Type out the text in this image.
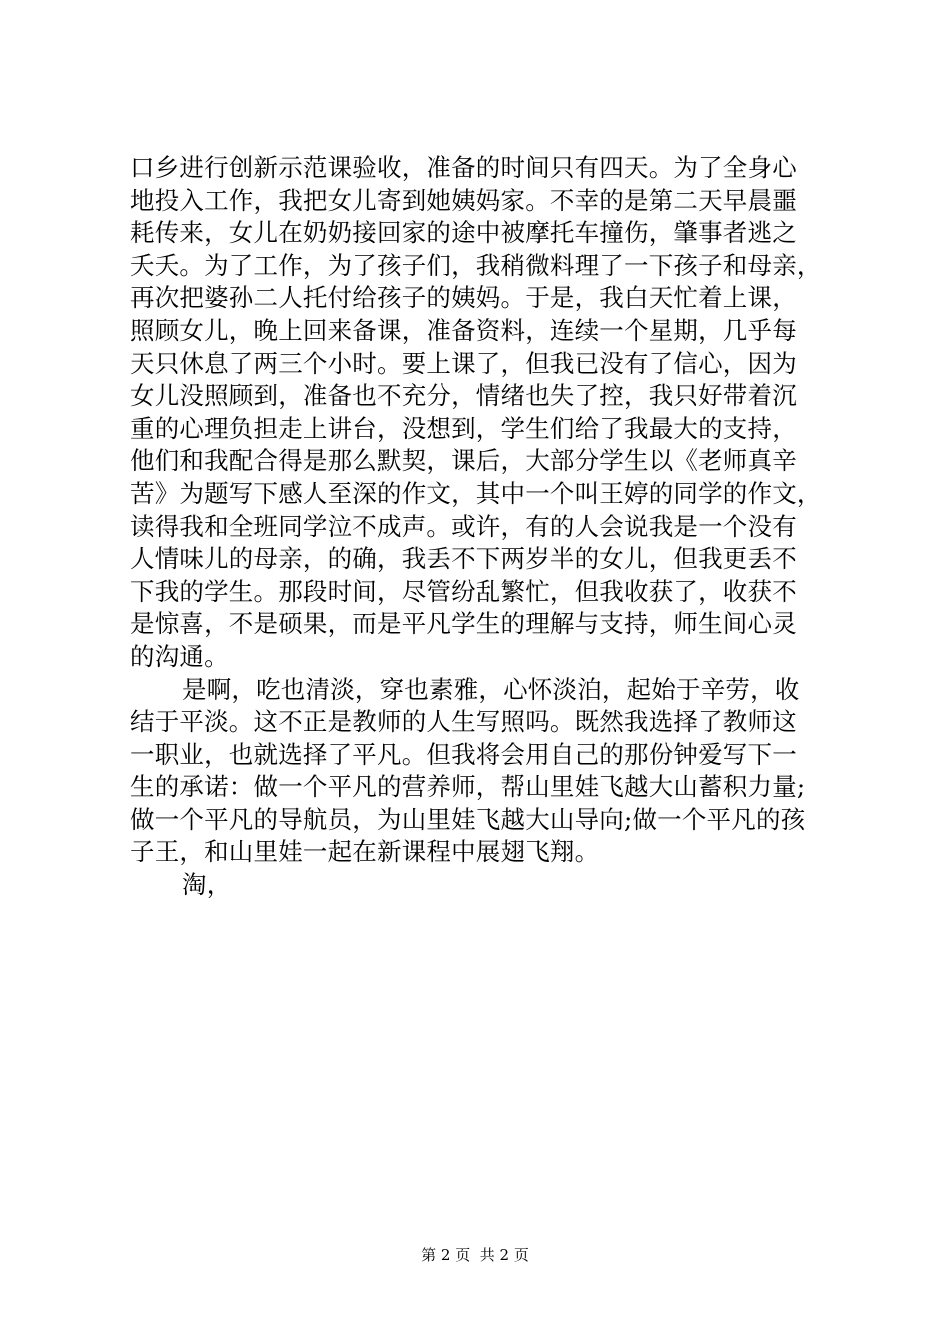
口乡进行创新示范课验收，准备的时间只有四天。为了全身心
地投入工作，我把女儿寄到她姨妈家。不幸的是第二天早晨噩
耗传来，女儿在奶奶接回家的途中被摩托车撞伤，肇事者逃之
夭夭。为了工作，为了孩子们，我稍微料理了一下孩子和母亲，
再次把婆孙二人托付给孩子的姨妈。于是，我白天忙着上课，
照顾女儿，晚上回来备课，准备资料，连续一个星期，几乎每
天只休息了两三个小时。要上课了，但我已没有了信心，因为
女儿没照顾到，准备也不充分，情绪也失了控，我只好带着沉
重的心理负担走上讲台，没想到，学生们给了我最大的支持，
他们和我配合得是那么默契，课后，大部分学生以《老师真辛
苦》为题写下感人至深的作文，其中一个叫王婷的同学的作文，
读得我和全班同学泣不成声。或许，有的人会说我是一个没有
人情味儿的母亲，的确，我丢不下两岁半的女儿，但我更丢不
下我的学生。那段时间，尽管纷乱繁忙，但我收获了，收获不
是惊喜，不是硕果，而是平凡学生的理解与支持，师生间心灵
的沟通。
是啊，吃也清淡，穿也素雅，心怀淡泊，起始于辛劳，收
结于平淡。这不正是教师的人生写照吗。既然我选择了教师这
一职业，也就选择了平凡。但我将会用自己的那份钟爱写下一
生的承诺：做一个平凡的营养师，帮山里娃飞越大山蓄积力量;
做一个平凡的导航员，为山里娃飞越大山导向;做一个平凡的孩
子王，和山里娃一起在新课程中展翅飞翔。
淘，
第 2 页  共 2 页
